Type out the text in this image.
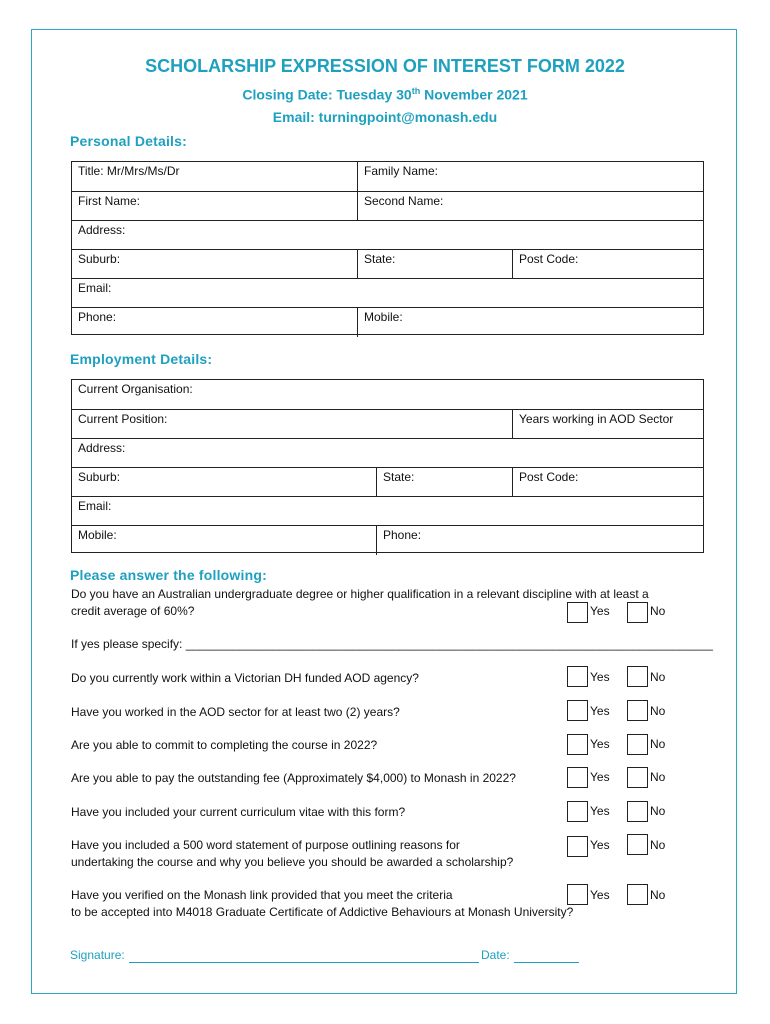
SCHOLARSHIP EXPRESSION OF INTEREST FORM 2022
Closing Date: Tuesday 30th November 2021
Email: turningpoint@monash.edu
Personal Details:
Title: Mr/Mrs/Ms/Dr	Family Name:
First Name:	Second Name:
Address:
Suburb:	State:	Post Code:
Email:
Phone:	Mobile:
Employment Details:
Current Organisation:
Current Position:	Years working in AOD Sector
Address:
Suburb:	State:	Post Code:
Email:
Mobile:	Phone:
Please answer the following:
Do you have an Australian undergraduate degree or higher qualification in a relevant discipline with at least a
credit average of 60%?	Yes	No
If yes please specify: _______________________________________________________________________________
Do you currently work within a Victorian DH funded AOD agency?	Yes	No
Have you worked in the AOD sector for at least two (2) years?	Yes	No
Are you able to commit to completing the course in 2022?	Yes	No
Are you able to pay the outstanding fee (Approximately $4,000) to Monash in 2022?	Yes	No
Have you included your current curriculum vitae with this form?	Yes	No
Have you included a 500 word statement of purpose outlining reasons for
undertaking the course and why you believe you should be awarded a scholarship?
Yes	No
Have you verified on the Monash link provided that you meet the criteria
to be accepted into M4018 Graduate Certificate of Addictive Behaviours at Monash University?
Yes	No
Signature:	Date:
